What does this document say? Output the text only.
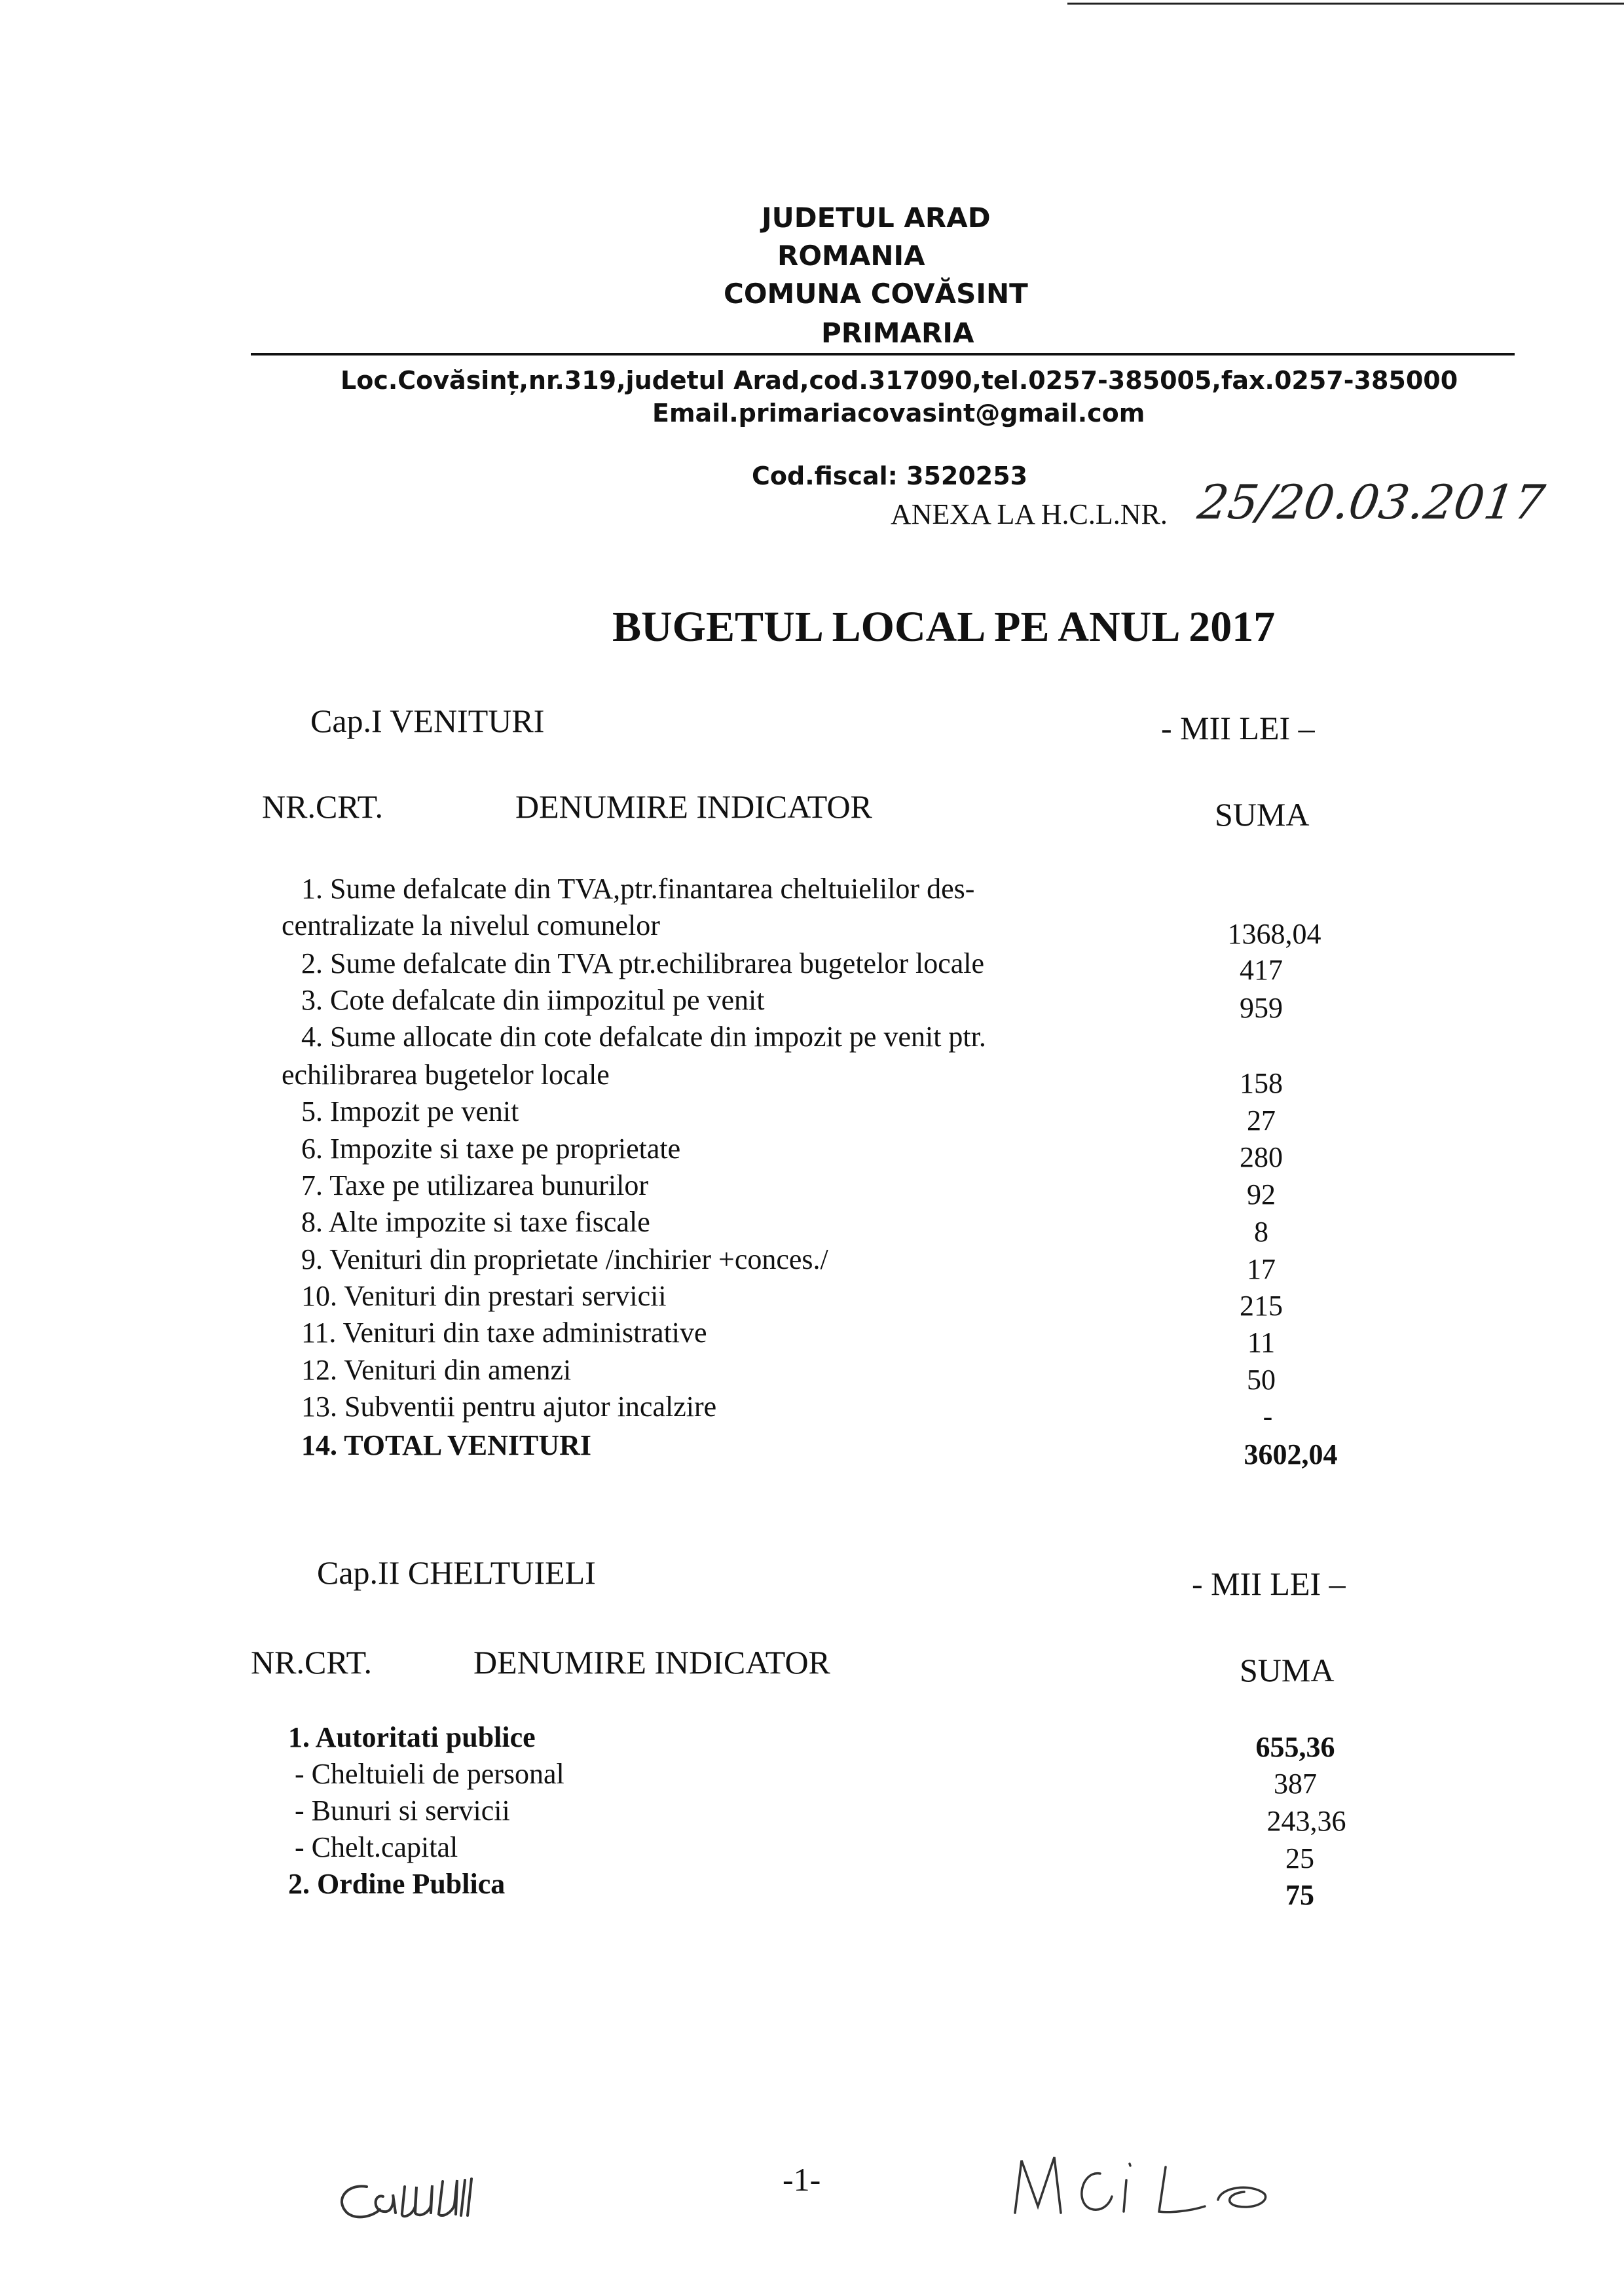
JUDETUL ARAD
ROMANIA
COMUNA COVĂSINT
PRIMARIA
Loc.Covăsinț,nr.319,judetul Arad,cod.317090,tel.0257-385005,fax.0257-385000
Email.primariacovasint@gmail.com
Cod.fiscal: 3520253
ANEXA LA H.C.L.NR. 25/20.03.2017
BUGETUL LOCAL PE ANUL 2017
Cap.I VENITURI	- MII LEI –
NR.CRT.	DENUMIRE INDICATOR	SUMA
1. Sume defalcate din TVA,ptr.finantarea cheltuielilor des-
centralizate la nivelul comunelor	1368,04
2. Sume defalcate din TVA ptr.echilibrarea bugetelor locale	417
3. Cote defalcate din iimpozitul pe venit	959
4. Sume allocate din cote defalcate din impozit pe venit ptr.
echilibrarea bugetelor locale	158
5. Impozit pe venit	27
6. Impozite si taxe pe proprietate	280
7. Taxe pe utilizarea bunurilor	92
8. Alte impozite si taxe fiscale	8
9. Venituri din proprietate /inchirier +conces./	17
10. Venituri din prestari servicii	215
11. Venituri din taxe administrative	11
12. Venituri din amenzi	50
13. Subventii pentru ajutor incalzire	-
14. TOTAL VENITURI	3602,04
Cap.II CHELTUIELI	- MII LEI –
NR.CRT.	DENUMIRE INDICATOR	SUMA
1. Autoritati publice	655,36
- Cheltuieli de personal	387
- Bunuri si servicii	243,36
- Chelt.capital	25
2. Ordine Publica	75
-1-
